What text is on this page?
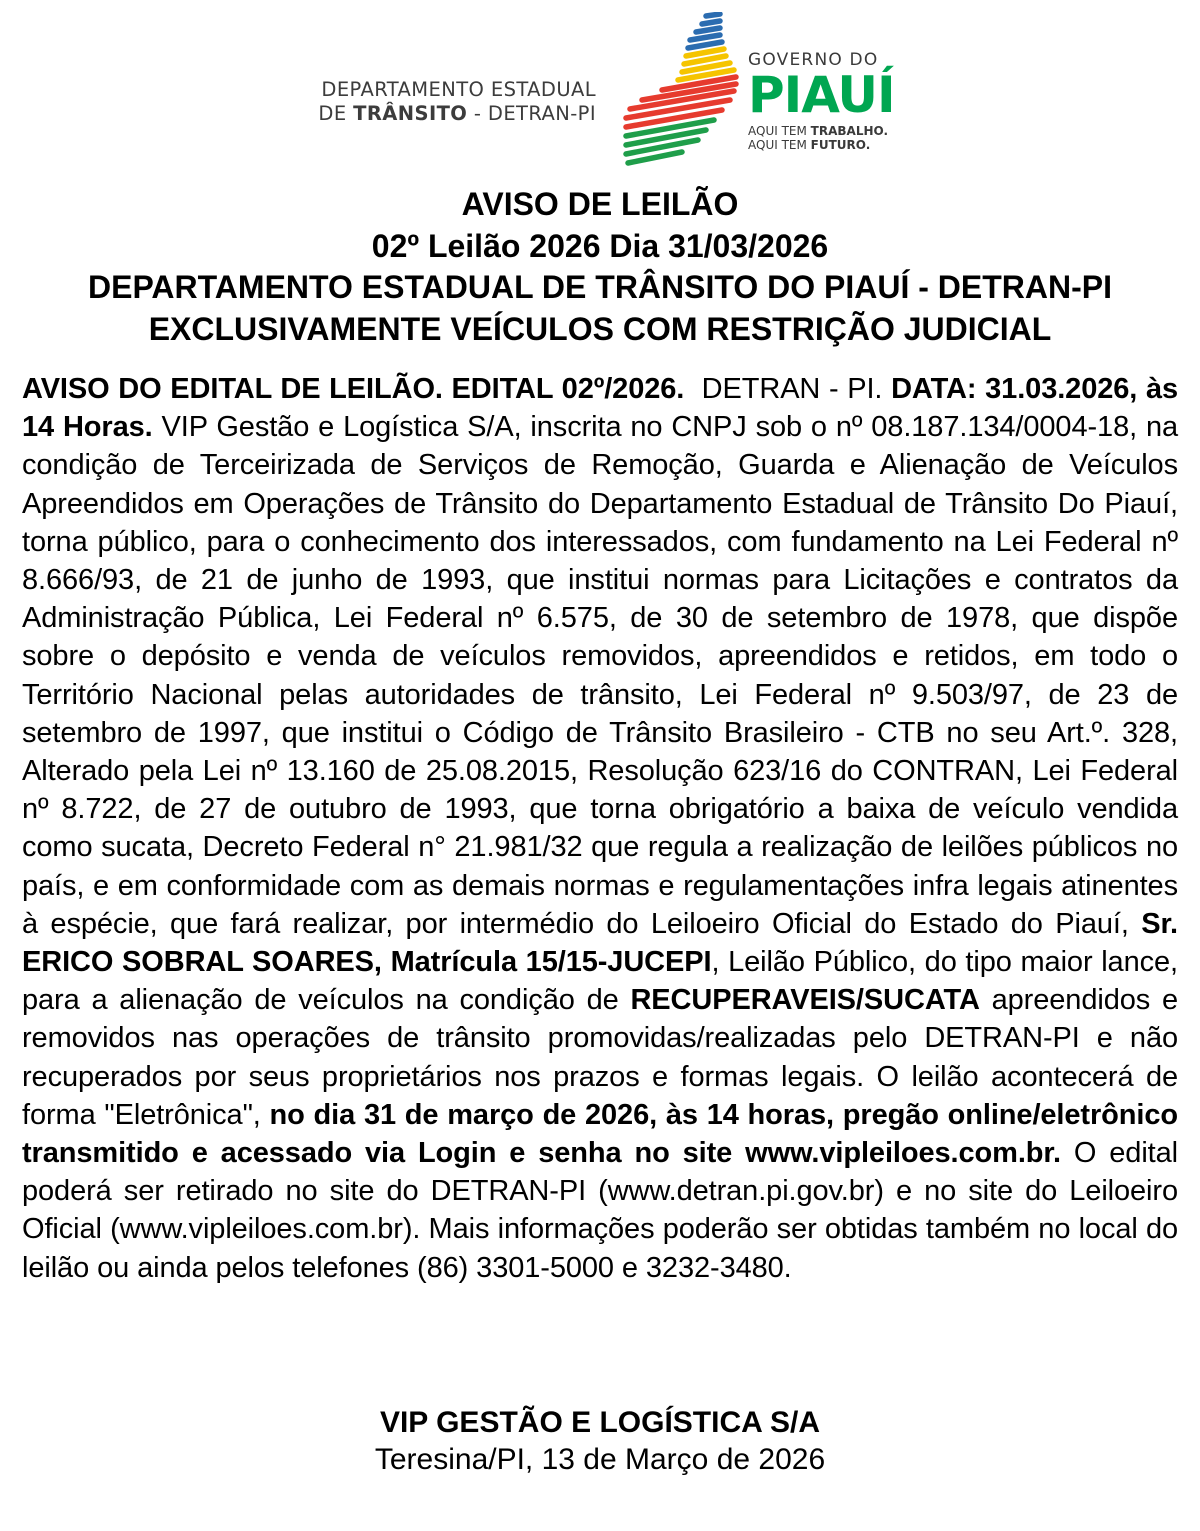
DEPARTAMENTO ESTADUAL
DE TRÂNSITO - DETRAN-PI
GOVERNO DO
PIAUÍ
AQUI TEM TRABALHO.
AQUI TEM FUTURO.
AVISO DE LEILÃO
02º Leilão 2026 Dia 31/03/2026
DEPARTAMENTO ESTADUAL DE TRÂNSITO DO PIAUÍ - DETRAN-PI
EXCLUSIVAMENTE VEÍCULOS COM RESTRIÇÃO JUDICIAL
AVISO DO EDITAL DE LEILÃO. EDITAL 02º/2026.  DETRAN - PI. DATA: 31.03.2026, às 14 Horas. VIP Gestão e Logística S/A, inscrita no CNPJ sob o nº 08.187.134/0004-18, na condição de Terceirizada de Serviços de Remoção, Guarda e Alienação de Veículos Apreendidos em Operações de Trânsito do Departamento Estadual de Trânsito Do Piauí, torna público, para o conhecimento dos interessados, com fundamento na Lei Federal nº 8.666/93, de 21 de junho de 1993, que institui normas para Licitações e contratos da Administração Pública, Lei Federal nº 6.575, de 30 de setembro de 1978, que dispõe sobre o depósito e venda de veículos removidos, apreendidos e retidos, em todo o Território Nacional pelas autoridades de trânsito, Lei Federal nº 9.503/97, de 23 de setembro de 1997, que institui o Código de Trânsito Brasileiro - CTB no seu Art.º. 328, Alterado pela Lei nº 13.160 de 25.08.2015, Resolução 623/16 do CONTRAN, Lei Federal nº 8.722, de 27 de outubro de 1993, que torna obrigatório a baixa de veículo vendida como sucata, Decreto Federal n° 21.981/32 que regula a realização de leilões públicos no país, e em conformidade com as demais normas e regulamentações infra legais atinentes à espécie, que fará realizar, por intermédio do Leiloeiro Oficial do Estado do Piauí, Sr. ERICO SOBRAL SOARES, Matrícula 15/15-JUCEPI, Leilão Público, do tipo maior lance, para a alienação de veículos na condição de RECUPERAVEIS/SUCATA apreendidos e removidos nas operações de trânsito promovidas/realizadas pelo DETRAN-PI e não recuperados por seus proprietários nos prazos e formas legais. O leilão acontecerá de forma "Eletrônica", no dia 31 de março de 2026, às 14 horas, pregão online/eletrônico transmitido e acessado via Login e senha no site www.vipleiloes.com.br. O edital poderá ser retirado no site do DETRAN-PI (www.detran.pi.gov.br) e no site do Leiloeiro Oficial (www.vipleiloes.com.br). Mais informações poderão ser obtidas também no local do leilão ou ainda pelos telefones (86) 3301-5000 e 3232-3480.
VIP GESTÃO E LOGÍSTICA S/A
Teresina/PI, 13 de Março de 2026
